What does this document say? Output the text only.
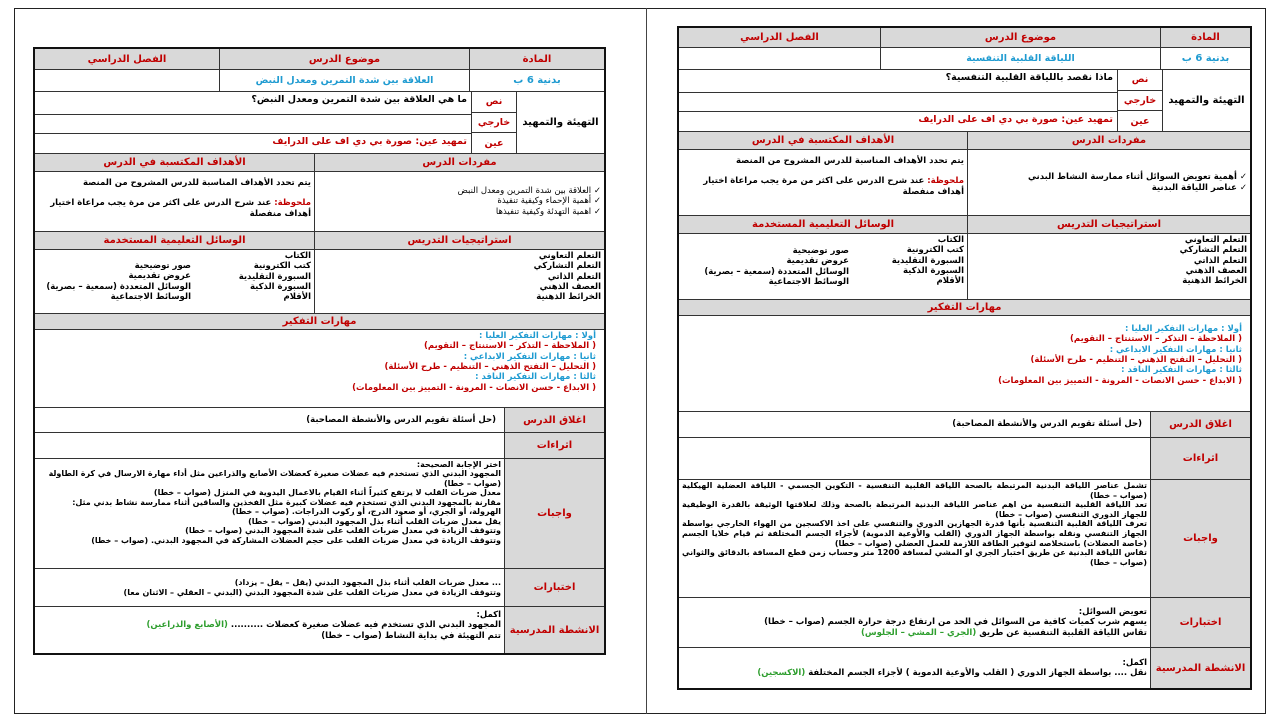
المادة
موضوع الدرس
الفصل الدراسي
بدنية 6 ب
العلاقة بين شدة التمرين ومعدل النبض
التهيئة والتمهيد
نص
خارجي
عين
ما هي العلاقة بين شدة التمرين ومعدل النبض؟
تمهيد عين: صورة بي دي اف على الدرايف
مفردات الدرس
الأهداف المكتسبة في الدرس
✓ العلاقة بين شدة التمرين ومعدل النبض
✓ أهمية الإحماء وكيفية تنفيذة
✓ اهمية التهدئة وكيفية تنفيذها
يتم تحدد الأهداف المناسبة للدرس المشروح من المنصة
ملحوظة: عند شرح الدرس على اكثر من مرة يجب مراعاة اختيار أهداف منفصلة
استراتيجيات التدريس
الوسائل التعليمية المستخدمة
التعلم التعاوني
التعلم التشاركي
التعلم الذاتي
العصف الذهني
الخرائط الذهنية
الكتاب
كتب الكترونية
السبورة التقليدية
السبورة الذكية
الأقلام
صور توضيحية
عروض تقديمية
الوسائل المتعددة (سمعية – بصرية)
الوسائط الاجتماعية
مهارات التفكير
أولا : مهارات التفكير العليا :
( الملاحظة – التذكر – الاستنتاج – التقويم)
ثانيا : مهارات التفكير الابداعي :
( التحليل – التفتح الذهني – التنظيم - طرح الأسئلة)
ثالثا : مهارات التفكير الناقد :
( الابداع - حسن الانصات - المرونة - التمييز بين المعلومات)
اغلاق الدرس
(حل أسئلة تقويم الدرس والأنشطة المصاحبة)
اثراءات
واجبات
اختر الإجابة الصحيحة:
المجهود البدني الذي تستخدم فيه عضلات صغيرة كعضلات الأصابع والذراعين مثل أداء مهارة الارسال في كرة الطاولة (صواب – خطا)
معدل ضربات القلب لا يرتفع كثيراً أثناء القيام بالاعمال اليدوية في المنزل (صواب – خطا)
مقارنة بالمجهود البدني الذي تستخدم فيه عضلات كبيرة مثل الفخذين والساقين أثناء ممارسة نشاط بدني مثل: الهرولة، أو الجري، أو صعود الدرج، أو ركوب الدراجات. (صواب – خطا)
يقل معدل ضربات القلب أثناء بذل المجهود البدني (صواب – خطا)
وتتوقف الزيادة في معدل ضربات القلب على شدة المجهود البدني (صواب – خطا)
وتتوقف الزيادة في معدل ضربات القلب على حجم العضلات المشاركة في المجهود البدني. (صواب – خطا)
اختبارات
... معدل ضربات القلب أثناء بذل المجهود البدني (يقل – يقل – يزداد)
وتتوقف الزيادة في معدل ضربات القلب على شدة المجهود البدني (البدني – العقلي – الاثنان معا)
الانشطة المدرسية
اكمل:
المجهود البدني الذي تستخدم فيه عضلات صغيرة كعضلات .......... (الأصابع والذراعين)
تتم التهيئة في بداية النشاط (صواب – خطا)
المادة
موضوع الدرس
الفصل الدراسي
بدنية 6 ب
اللياقة القلبية التنفسية
التهيئة والتمهيد
نص
خارجي
عين
ماذا نقصد باللياقة القلبية التنفسية؟
تمهيد عين: صورة بي دي اف على الدرايف
مفردات الدرس
الأهداف المكتسبة في الدرس
✓ أهمية تعويض السوائل أثناء ممارسة النشاط البدني
✓ عناصر اللياقة البدنية
يتم تحدد الأهداف المناسبة للدرس المشروح من المنصة
ملحوظة: عند شرح الدرس على اكثر من مرة يجب مراعاة اختيار أهداف منفصلة
استراتيجيات التدريس
الوسائل التعليمية المستخدمة
التعلم التعاوني
التعلم التشاركي
التعلم الذاتي
العصف الذهني
الخرائط الذهنية
الكتاب
كتب الكترونية
السبورة التقليدية
السبورة الذكية
الأقلام
صور توضيحية
عروض تقديمية
الوسائل المتعددة (سمعية – بصرية)
الوسائط الاجتماعية
مهارات التفكير
أولا : مهارات التفكير العليا :
( الملاحظة – التذكر – الاستنتاج – التقويم)
ثانيا : مهارات التفكير الابداعي :
( التحليل – التفتح الذهني – التنظيم - طرح الأسئلة)
ثالثا : مهارات التفكير الناقد :
( الابداع - حسن الانصات - المرونة - التمييز بين المعلومات)
اغلاق الدرس
(حل أسئلة تقويم الدرس والأنشطة المصاحبة)
اثراءات
واجبات
تشمل عناصر اللياقة البدنية المرتبطة بالصحة اللياقة القلبية التنفسية - التكوين الجسمي - اللياقة العضلية الهيكلية (صواب – خطا)
تعد اللياقة القلبية التنفسية من اهم عناصر اللياقة البدنية المرتبطة بالصحة وذلك لعلاقتها الوثيقة بالقدرة الوظيفية للجهاز الدوري التنفسي (صواب – خطا)
تعرف اللياقة القلبية التنفسية بأنها قدرة الجهازين الدوري والتنفسي على اخذ الاكسجين من الهواء الخارجي بواسطة الجهاز التنفسي ونقله بواسطة الجهاز الدوري (القلب والأوعية الدموية) لأجزاء الجسم المختلفة ثم قيام خلايا الجسم (خاصة العضلات) باستخلاصه لتوفير الطاقة اللازمة للعمل العضلي (صواب – خطا)
تقاس اللياقة البدنية عن طريق اختبار الجري او المشي لمسافة 1200 متر وحساب زمن قطع المسافة بالدقائق والثواني (صواب – خطا)
اختبارات
تعويض السوائل:
يسهم شرب كميات كافية من السوائل في الحد من ارتفاع درجة حرارة الجسم (صواب – خطا)
تقاس اللياقة القلبية التنفسية عن طريق (الجري – المشي – الجلوس)
الانشطة المدرسية
اكمل:
نقل .... بواسطة الجهاز الدوري ( القلب والأوعية الدموية ) لأجزاء الجسم المختلفة (الاكسجين)
